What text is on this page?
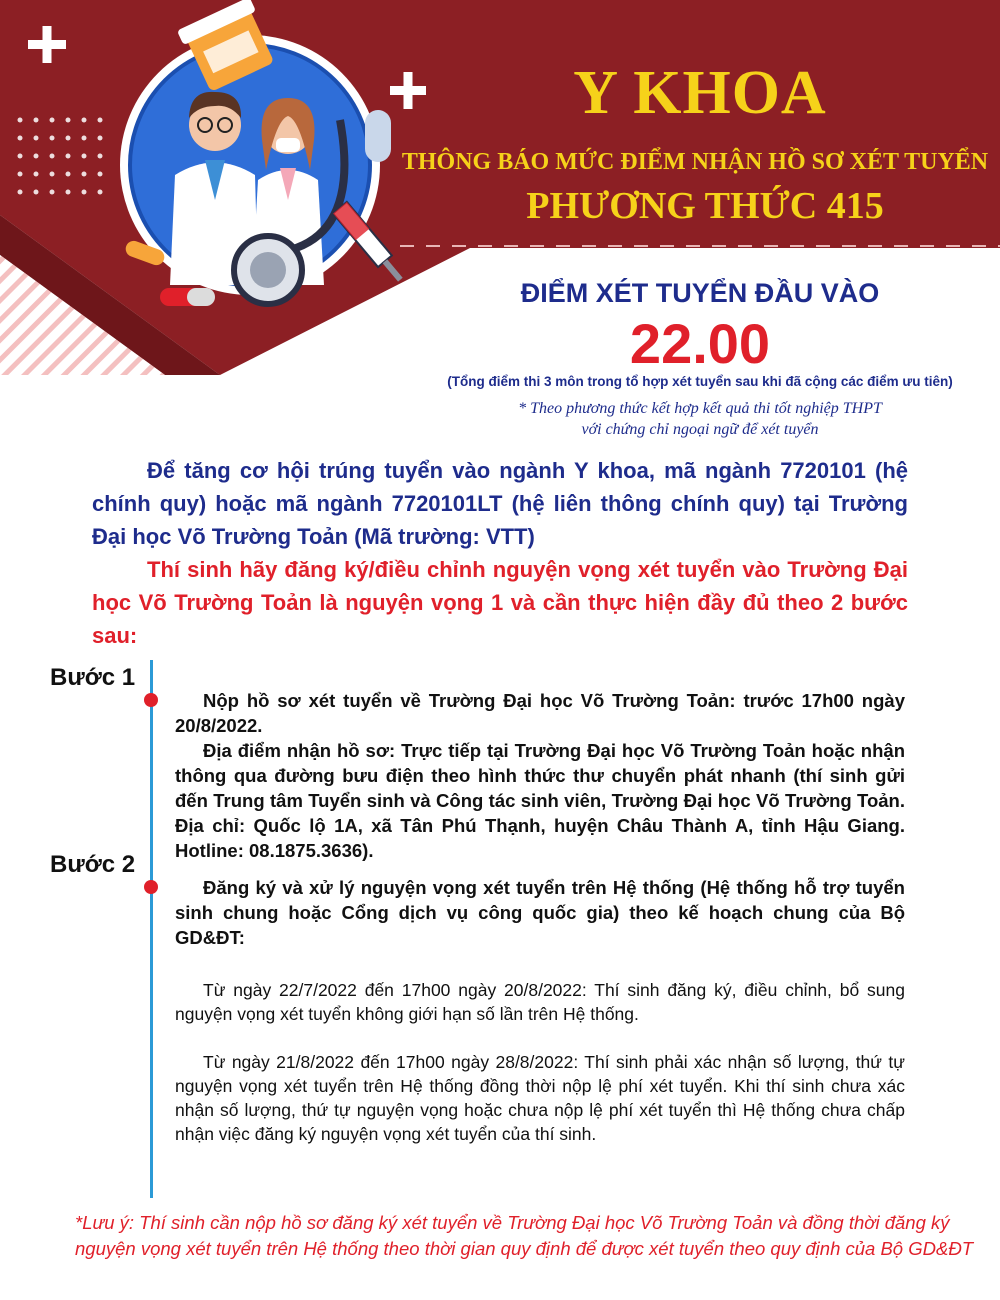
Y KHOA
THÔNG BÁO MỨC ĐIỂM NHẬN HỒ SƠ XÉT TUYỂN
PHƯƠNG THỨC 415
ĐIỂM XÉT TUYỂN ĐẦU VÀO
22.00
(Tổng điểm thi 3 môn trong tổ hợp xét tuyển sau khi đã cộng các điểm ưu tiên)
* Theo phương thức kết hợp kết quả thi tốt nghiệp THPT
với chứng chỉ ngoại ngữ để xét tuyển

Để tăng cơ hội trúng tuyển vào ngành Y khoa, mã ngành 7720101 (hệ chính quy) hoặc mã ngành 7720101LT (hệ liên thông chính quy) tại Trường Đại học Võ Trường Toản (Mã trường: VTT)

Thí sinh hãy đăng ký/điều chỉnh nguyện vọng xét tuyển vào Trường Đại học Võ Trường Toản là nguyện vọng 1 và cần thực hiện đầy đủ theo 2 bước sau:

Bước 1

Nộp hồ sơ xét tuyển về Trường Đại học Võ Trường Toản: trước 17h00 ngày 20/8/2022.

Địa điểm nhận hồ sơ: Trực tiếp tại Trường Đại học Võ Trường Toản hoặc nhận thông qua đường bưu điện theo hình thức thư chuyển phát nhanh (thí sinh gửi đến Trung tâm Tuyển sinh và Công tác sinh viên, Trường Đại học Võ Trường Toản. Địa chỉ: Quốc lộ 1A, xã Tân Phú Thạnh, huyện Châu Thành A, tỉnh Hậu Giang. Hotline: 08.1875.3636).

Bước 2

Đăng ký và xử lý nguyện vọng xét tuyển trên Hệ thống (Hệ thống hỗ trợ tuyển sinh chung hoặc Cổng dịch vụ công quốc gia) theo kế hoạch chung của Bộ GD&ĐT:

Từ ngày 22/7/2022 đến 17h00 ngày 20/8/2022: Thí sinh đăng ký, điều chỉnh, bổ sung nguyện vọng xét tuyển không giới hạn số lần trên Hệ thống.

Từ ngày 21/8/2022 đến 17h00 ngày 28/8/2022: Thí sinh phải xác nhận số lượng, thứ tự nguyện vọng xét tuyển trên Hệ thống đồng thời nộp lệ phí xét tuyển. Khi thí sinh chưa xác nhận số lượng, thứ tự nguyện vọng hoặc chưa nộp lệ phí xét tuyển thì Hệ thống chưa chấp nhận việc đăng ký nguyện vọng xét tuyển của thí sinh.

*Lưu ý: Thí sinh cần nộp hồ sơ đăng ký xét tuyển về Trường Đại học Võ Trường Toản và đồng thời đăng ký nguyện vọng xét tuyển trên Hệ thống theo thời gian quy định để được xét tuyển theo quy định của Bộ GD&ĐT
